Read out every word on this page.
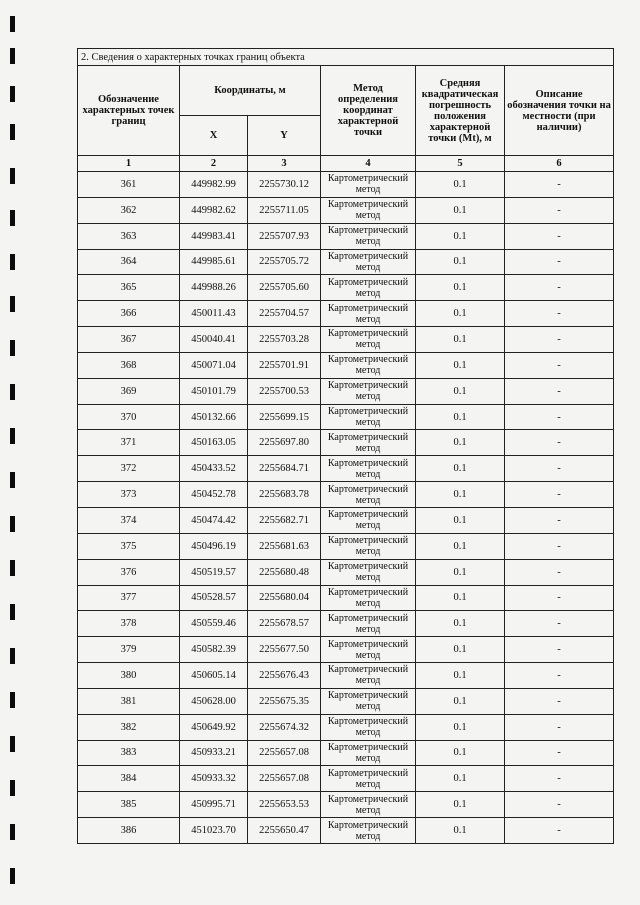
2. Сведения о характерных точках границ объекта					
Обозначение характерных точек границ	Координаты, м		Метод определения координат характерной точки	Средняя квадратическая погрешность положения характерной точки (Mt), м	Описание обозначения точки на местности (при наличии)
	X	Y			
1	2	3	4	5	6
361	449982.99	2255730.12	Картометрический метод	0.1	-
362	449982.62	2255711.05	Картометрический метод	0.1	-
363	449983.41	2255707.93	Картометрический метод	0.1	-
364	449985.61	2255705.72	Картометрический метод	0.1	-
365	449988.26	2255705.60	Картометрический метод	0.1	-
366	450011.43	2255704.57	Картометрический метод	0.1	-
367	450040.41	2255703.28	Картометрический метод	0.1	-
368	450071.04	2255701.91	Картометрический метод	0.1	-
369	450101.79	2255700.53	Картометрический метод	0.1	-
370	450132.66	2255699.15	Картометрический метод	0.1	-
371	450163.05	2255697.80	Картометрический метод	0.1	-
372	450433.52	2255684.71	Картометрический метод	0.1	-
373	450452.78	2255683.78	Картометрический метод	0.1	-
374	450474.42	2255682.71	Картометрический метод	0.1	-
375	450496.19	2255681.63	Картометрический метод	0.1	-
376	450519.57	2255680.48	Картометрический метод	0.1	-
377	450528.57	2255680.04	Картометрический метод	0.1	-
378	450559.46	2255678.57	Картометрический метод	0.1	-
379	450582.39	2255677.50	Картометрический метод	0.1	-
380	450605.14	2255676.43	Картометрический метод	0.1	-
381	450628.00	2255675.35	Картометрический метод	0.1	-
382	450649.92	2255674.32	Картометрический метод	0.1	-
383	450933.21	2255657.08	Картометрический метод	0.1	-
384	450933.32	2255657.08	Картометрический метод	0.1	-
385	450995.71	2255653.53	Картометрический метод	0.1	-
386	451023.70	2255650.47	Картометрический метод	0.1	-
